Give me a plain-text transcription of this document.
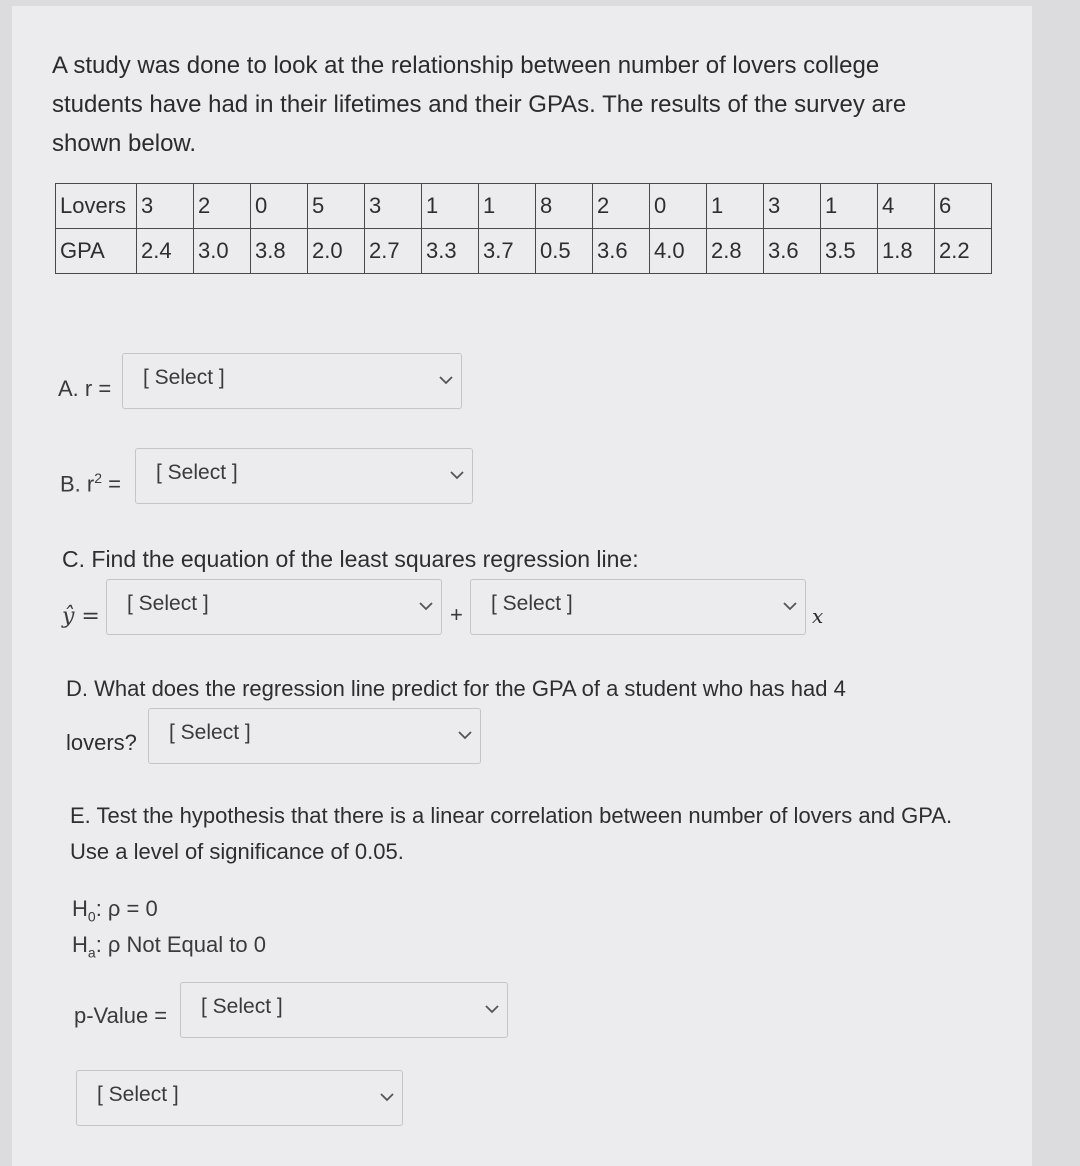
A study was done to look at the relationship between number of lovers college students have had in their lifetimes and their GPAs. The results of the survey are shown below.
Lovers	3	2	0	5	3	1	1	8	2	0	1	3	1	4	6
GPA	2.4	3.0	3.8	2.0	2.7	3.3	3.7	0.5	3.6	4.0	2.8	3.6	3.5	1.8	2.2
A. r = [ Select ]
B. $r^2$ = [ Select ]
C. Find the equation of the least squares regression line:
ŷ =
[ Select ]	+ [ Select ]
x
D. What does the regression line predict for the GPA of a student who has had 4
lovers? [ Select ]
E. Test the hypothesis that there is a linear correlation between number of lovers and GPA. Use a level of significance of 0.05.
$H_0$: ρ = 0
$H_a$: ρ Not Equal to 0
p-Value = [ Select ]
[ Select ]
